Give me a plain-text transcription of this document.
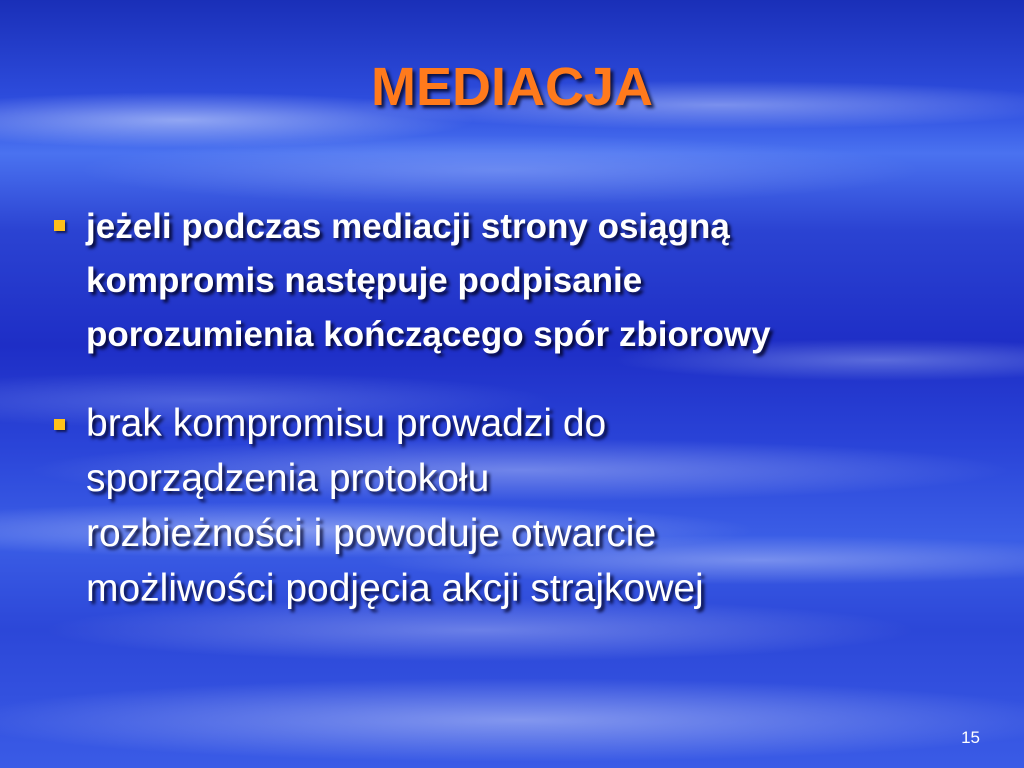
MEDIACJA
jeżeli podczas mediacji strony osiągną
kompromis następuje podpisanie
porozumienia kończącego spór zbiorowy
brak kompromisu prowadzi do
sporządzenia protokołu
rozbieżności i powoduje otwarcie
możliwości podjęcia akcji strajkowej
15
